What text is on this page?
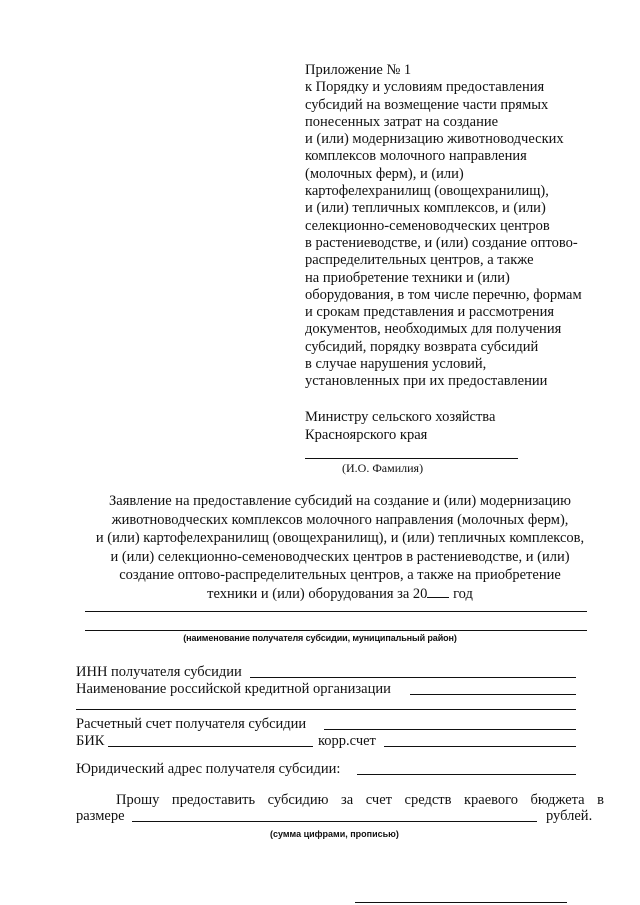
Приложение № 1
к Порядку и условиям предоставления
субсидий на возмещение части прямых
понесенных затрат на создание
и (или) модернизацию животноводческих
комплексов молочного направления
(молочных ферм), и (или)
картофелехранилищ (овощехранилищ),
и (или) тепличных комплексов, и (или)
селекционно-семеноводческих центров
в растениеводстве, и (или) создание оптово-
распределительных центров, а также
на приобретение техники и (или)
оборудования, в том числе перечню, формам
и срокам представления и рассмотрения
документов, необходимых для получения
субсидий, порядку возврата субсидий
в случае нарушения условий,
установленных при их предоставлении
Министру сельского хозяйства
Красноярского края
(И.О. Фамилия)
Заявление на предоставление субсидий на создание и (или) модернизацию
животноводческих комплексов молочного направления (молочных ферм),
и (или) картофелехранилищ (овощехранилищ), и (или) тепличных комплексов,
и (или) селекционно-семеноводческих центров в растениеводстве, и (или)
создание оптово-распределительных центров, а также на приобретение
техники и (или) оборудования за 20 год
(наименование получателя субсидии, муниципальный район)
ИНН получателя субсидии
Наименование российской кредитной организации
Расчетный счет получателя субсидии
БИК	корр.счет
Юридический адрес получателя субсидии:
Прошу предоставить субсидию за счет средств краевого бюджета в
размере	рублей.
(сумма цифрами, прописью)
